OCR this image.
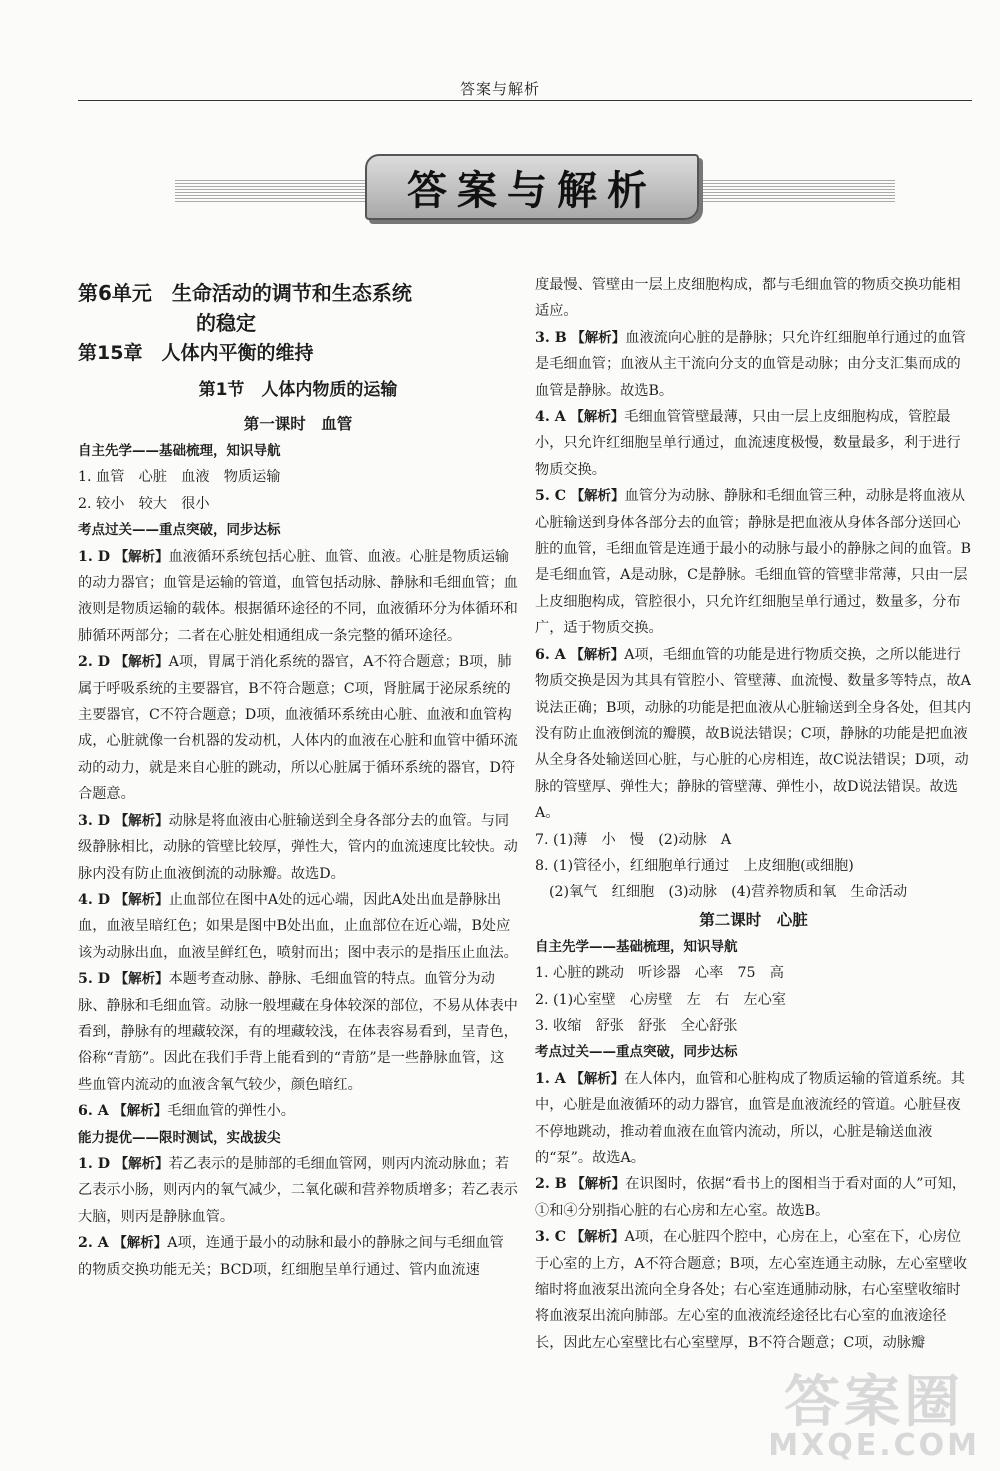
答案与解析
答案与解析
第6单元　生命活动的调节和生态系统
的稳定
第15章　人体内平衡的维持
第1节　人体内物质的运输
第一课时　血管

自主先学——基础梳理，知识导航

1. 血管　心脏　血液　物质运输

2. 较小　较大　很小

考点过关——重点突破，同步达标

1. D 【解析】血液循环系统包括心脏、血管、血液。心脏是物质运输的动力器官；血管是运输的管道，血管包括动脉、静脉和毛细血管；血液则是物质运输的载体。根据循环途径的不同，血液循环分为体循环和肺循环两部分；二者在心脏处相通组成一条完整的循环途径。

2. D 【解析】A项，胃属于消化系统的器官，A不符合题意；B项，肺属于呼吸系统的主要器官，B不符合题意；C项，肾脏属于泌尿系统的主要器官，C不符合题意；D项，血液循环系统由心脏、血液和血管构成，心脏就像一台机器的发动机，人体内的血液在心脏和血管中循环流动的动力，就是来自心脏的跳动，所以心脏属于循环系统的器官，D符合题意。

3. D 【解析】动脉是将血液由心脏输送到全身各部分去的血管。与同级静脉相比，动脉的管壁比较厚，弹性大，管内的血流速度比较快。动脉内没有防止血液倒流的动脉瓣。故选D。

4. D 【解析】止血部位在图中A处的远心端，因此A处出血是静脉出血，血液呈暗红色；如果是图中B处出血，止血部位在近心端，B处应该为动脉出血，血液呈鲜红色，喷射而出；图中表示的是指压止血法。

5. D 【解析】本题考查动脉、静脉、毛细血管的特点。血管分为动脉、静脉和毛细血管。动脉一般埋藏在身体较深的部位，不易从体表中看到，静脉有的埋藏较深，有的埋藏较浅，在体表容易看到，呈青色，俗称“青筋”。因此在我们手背上能看到的“青筋”是一些静脉血管，这些血管内流动的血液含氧气较少，颜色暗红。

6. A 【解析】毛细血管的弹性小。

能力提优——限时测试，实战拔尖

1. D 【解析】若乙表示的是肺部的毛细血管网，则丙内流动脉血；若乙表示小肠，则丙内的氧气减少，二氧化碳和营养物质增多；若乙表示大脑，则丙是静脉血管。

2. A 【解析】A项，连通于最小的动脉和最小的静脉之间与毛细血管的物质交换功能无关；BCD项，红细胞呈单行通过、管内血流速

度最慢、管壁由一层上皮细胞构成，都与毛细血管的物质交换功能相适应。

3. B 【解析】血液流向心脏的是静脉；只允许红细胞单行通过的血管是毛细血管；血液从主干流向分支的血管是动脉；由分支汇集而成的血管是静脉。故选B。

4. A 【解析】毛细血管管壁最薄，只由一层上皮细胞构成，管腔最小，只允许红细胞呈单行通过，血流速度极慢，数量最多，利于进行物质交换。

5. C 【解析】血管分为动脉、静脉和毛细血管三种，动脉是将血液从心脏输送到身体各部分去的血管；静脉是把血液从身体各部分送回心脏的血管，毛细血管是连通于最小的动脉与最小的静脉之间的血管。B是毛细血管，A是动脉，C是静脉。毛细血管的管壁非常薄，只由一层上皮细胞构成，管腔很小，只允许红细胞呈单行通过，数量多，分布广，适于物质交换。

6. A 【解析】A项，毛细血管的功能是进行物质交换，之所以能进行物质交换是因为其具有管腔小、管壁薄、血流慢、数量多等特点，故A说法正确；B项，动脉的功能是把血液从心脏输送到全身各处，但其内没有防止血液倒流的瓣膜，故B说法错误；C项，静脉的功能是把血液从全身各处输送回心脏，与心脏的心房相连，故C说法错误；D项，动脉的管壁厚、弹性大；静脉的管壁薄、弹性小，故D说法错误。故选A。

7. (1)薄　小　慢　(2)动脉　A

8. (1)管径小，红细胞单行通过　上皮细胞(或细胞)

(2)氧气　红细胞　(3)动脉　(4)营养物质和氧　生命活动

第二课时　心脏

自主先学——基础梳理，知识导航

1. 心脏的跳动　听诊器　心率　75　高

2. (1)心室壁　心房壁　左　右　左心室

3. 收缩　舒张　舒张　全心舒张

考点过关——重点突破，同步达标

1. A 【解析】在人体内，血管和心脏构成了物质运输的管道系统。其中，心脏是血液循环的动力器官，血管是血液流经的管道。心脏昼夜不停地跳动，推动着血液在血管内流动，所以，心脏是输送血液的“泵”。故选A。

2. B 【解析】在识图时，依据“看书上的图相当于看对面的人”可知，①和④分别指心脏的右心房和左心室。故选B。

3. C 【解析】A项，在心脏四个腔中，心房在上，心室在下，心房位于心室的上方，A不符合题意；B项，左心室连通主动脉，左心室壁收缩时将血液泵出流向全身各处；右心室连通肺动脉，右心室壁收缩时将血液泵出流向肺部。左心室的血液流经途径比右心室的血液途径长，因此左心室壁比右心室壁厚，B不符合题意；C项，动脉瓣

答案圈
MXQE.COM
